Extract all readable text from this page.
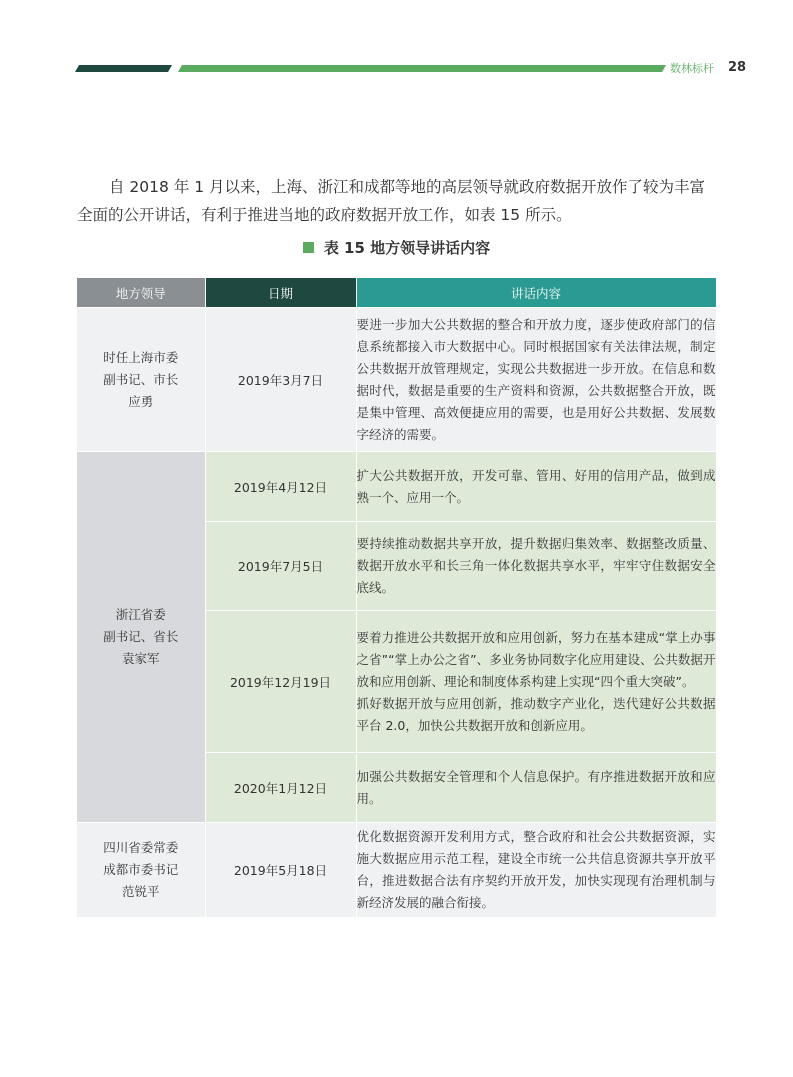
数林标杆 28

自 2018 年 1 月以来，上海、浙江和成都等地的高层领导就政府数据开放作了较为丰富全面的公开讲话，有利于推进当地的政府数据开放工作，如表 15 所示。

表 15 地方领导讲话内容
地方领导	日期	讲话内容

时任上海市委
副书记、市长
应勇	2019年3月7日	要进一步加大公共数据的整合和开放力度，逐步使政府部门的信息系统都接入市大数据中心。同时根据国家有关法律法规，制定公共数据开放管理规定，实现公共数据进一步开放。在信息和数据时代，数据是重要的生产资料和资源，公共数据整合开放，既是集中管理、高效便捷应用的需要，也是用好公共数据、发展数字经济的需要。

浙江省委
副书记、省长
袁家军	2019年4月12日	扩大公共数据开放，开发可靠、管用、好用的信用产品，做到成熟一个、应用一个。

	2019年7月5日	要持续推动数据共享开放，提升数据归集效率、数据整改质量、数据开放水平和长三角一体化数据共享水平，牢牢守住数据安全底线。

	2019年12月19日	要着力推进公共数据开放和应用创新，努力在基本建成“掌上办事之省”“掌上办公之省”、多业务协同数字化应用建设、公共数据开放和应用创新、理论和制度体系构建上实现“四个重大突破”。

抓好数据开放与应用创新，推动数字产业化，迭代建好公共数据平台 2.0，加快公共数据开放和创新应用。

	2020年1月12日	加强公共数据安全管理和个人信息保护。有序推进数据开放和应用。

四川省委常委
成都市委书记
范锐平	2019年5月18日	优化数据资源开发利用方式，整合政府和社会公共数据资源，实施大数据应用示范工程，建设全市统一公共信息资源共享开放平台，推进数据合法有序契约开放开发，加快实现现有治理机制与新经济发展的融合衔接。
